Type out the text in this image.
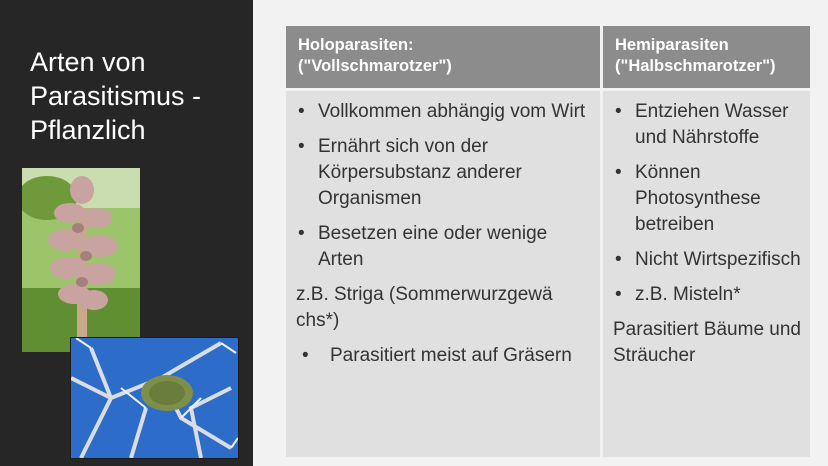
Arten von
Parasitismus -
Pflanzlich
Holoparasiten:
("Vollschmarotzer")
• Vollkommen abhängig vom Wirt
• Ernährt sich von der Körpersubstanz anderer Organismen
• Besetzen eine oder wenige Arten

z.B. Striga (Sommerwurzgewä chs*)

• Parasitiert meist auf Gräsern
Hemiparasiten
("Halbschmarotzer")
• Entziehen Wasser und Nährstoffe
• Können Photosynthese betreiben
• Nicht Wirtspezifisch
• z.B. Misteln*

Parasitiert Bäume und Sträucher
